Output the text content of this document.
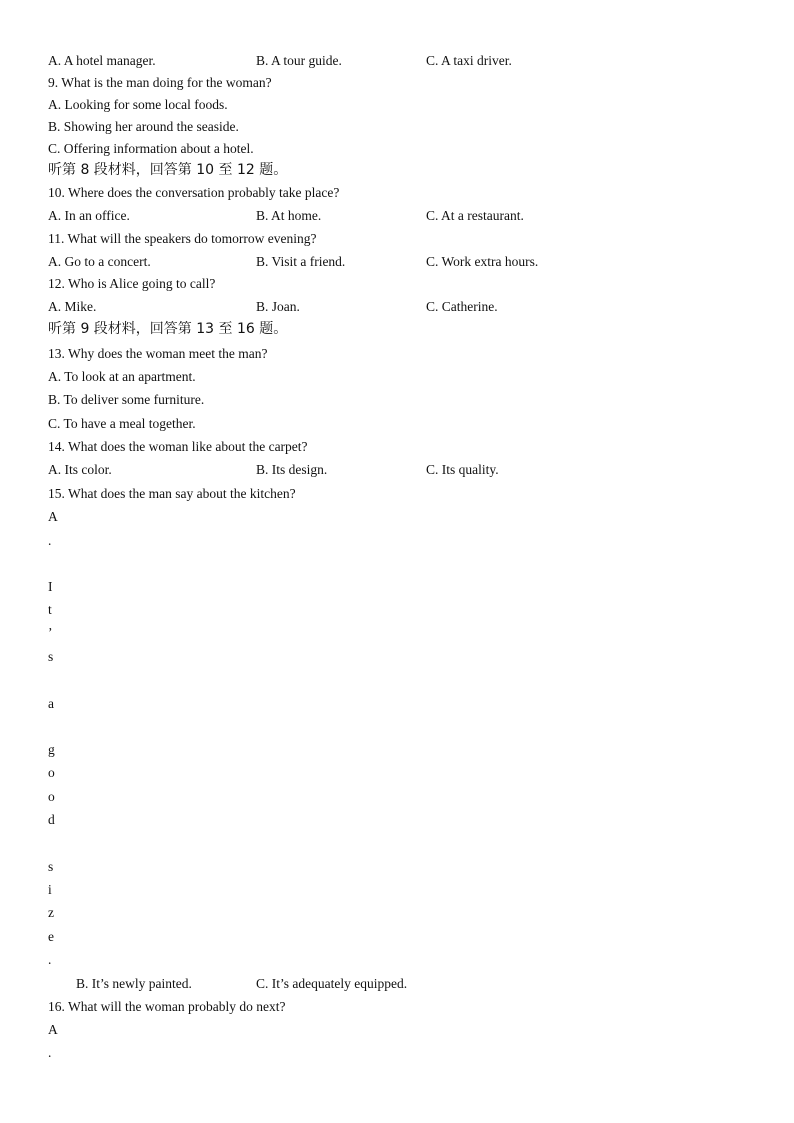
A. A hotel manager.	B. A tour guide.	C. A taxi driver.
9. What is the man doing for the woman?
A. Looking for some local foods.
B. Showing her around the seaside.
C. Offering information about a hotel.
听第 8 段材料，回答第 10 至 12 题。
10. Where does the conversation probably take place?
A. In an office.	B. At home.	C. At a restaurant.
11. What will the speakers do tomorrow evening?
A. Go to a concert.	B. Visit a friend.	C. Work extra hours.
12. Who is Alice going to call?
A. Mike.	B. Joan.	C. Catherine.
听第 9 段材料，回答第 13 至 16 题。
13. Why does the woman meet the man?
A. To look at an apartment.
B. To deliver some furniture.
C. To have a meal together.
14. What does the woman like about the carpet?
A. Its color.	B. Its design.	C. Its quality.
15. What does the man say about the kitchen?
A
.
I
t
’
s
a
g
o
o
d
s
i
z
e
.
B. It’s newly painted.	C. It’s adequately equipped.
16. What will the woman probably do next?
A
.
